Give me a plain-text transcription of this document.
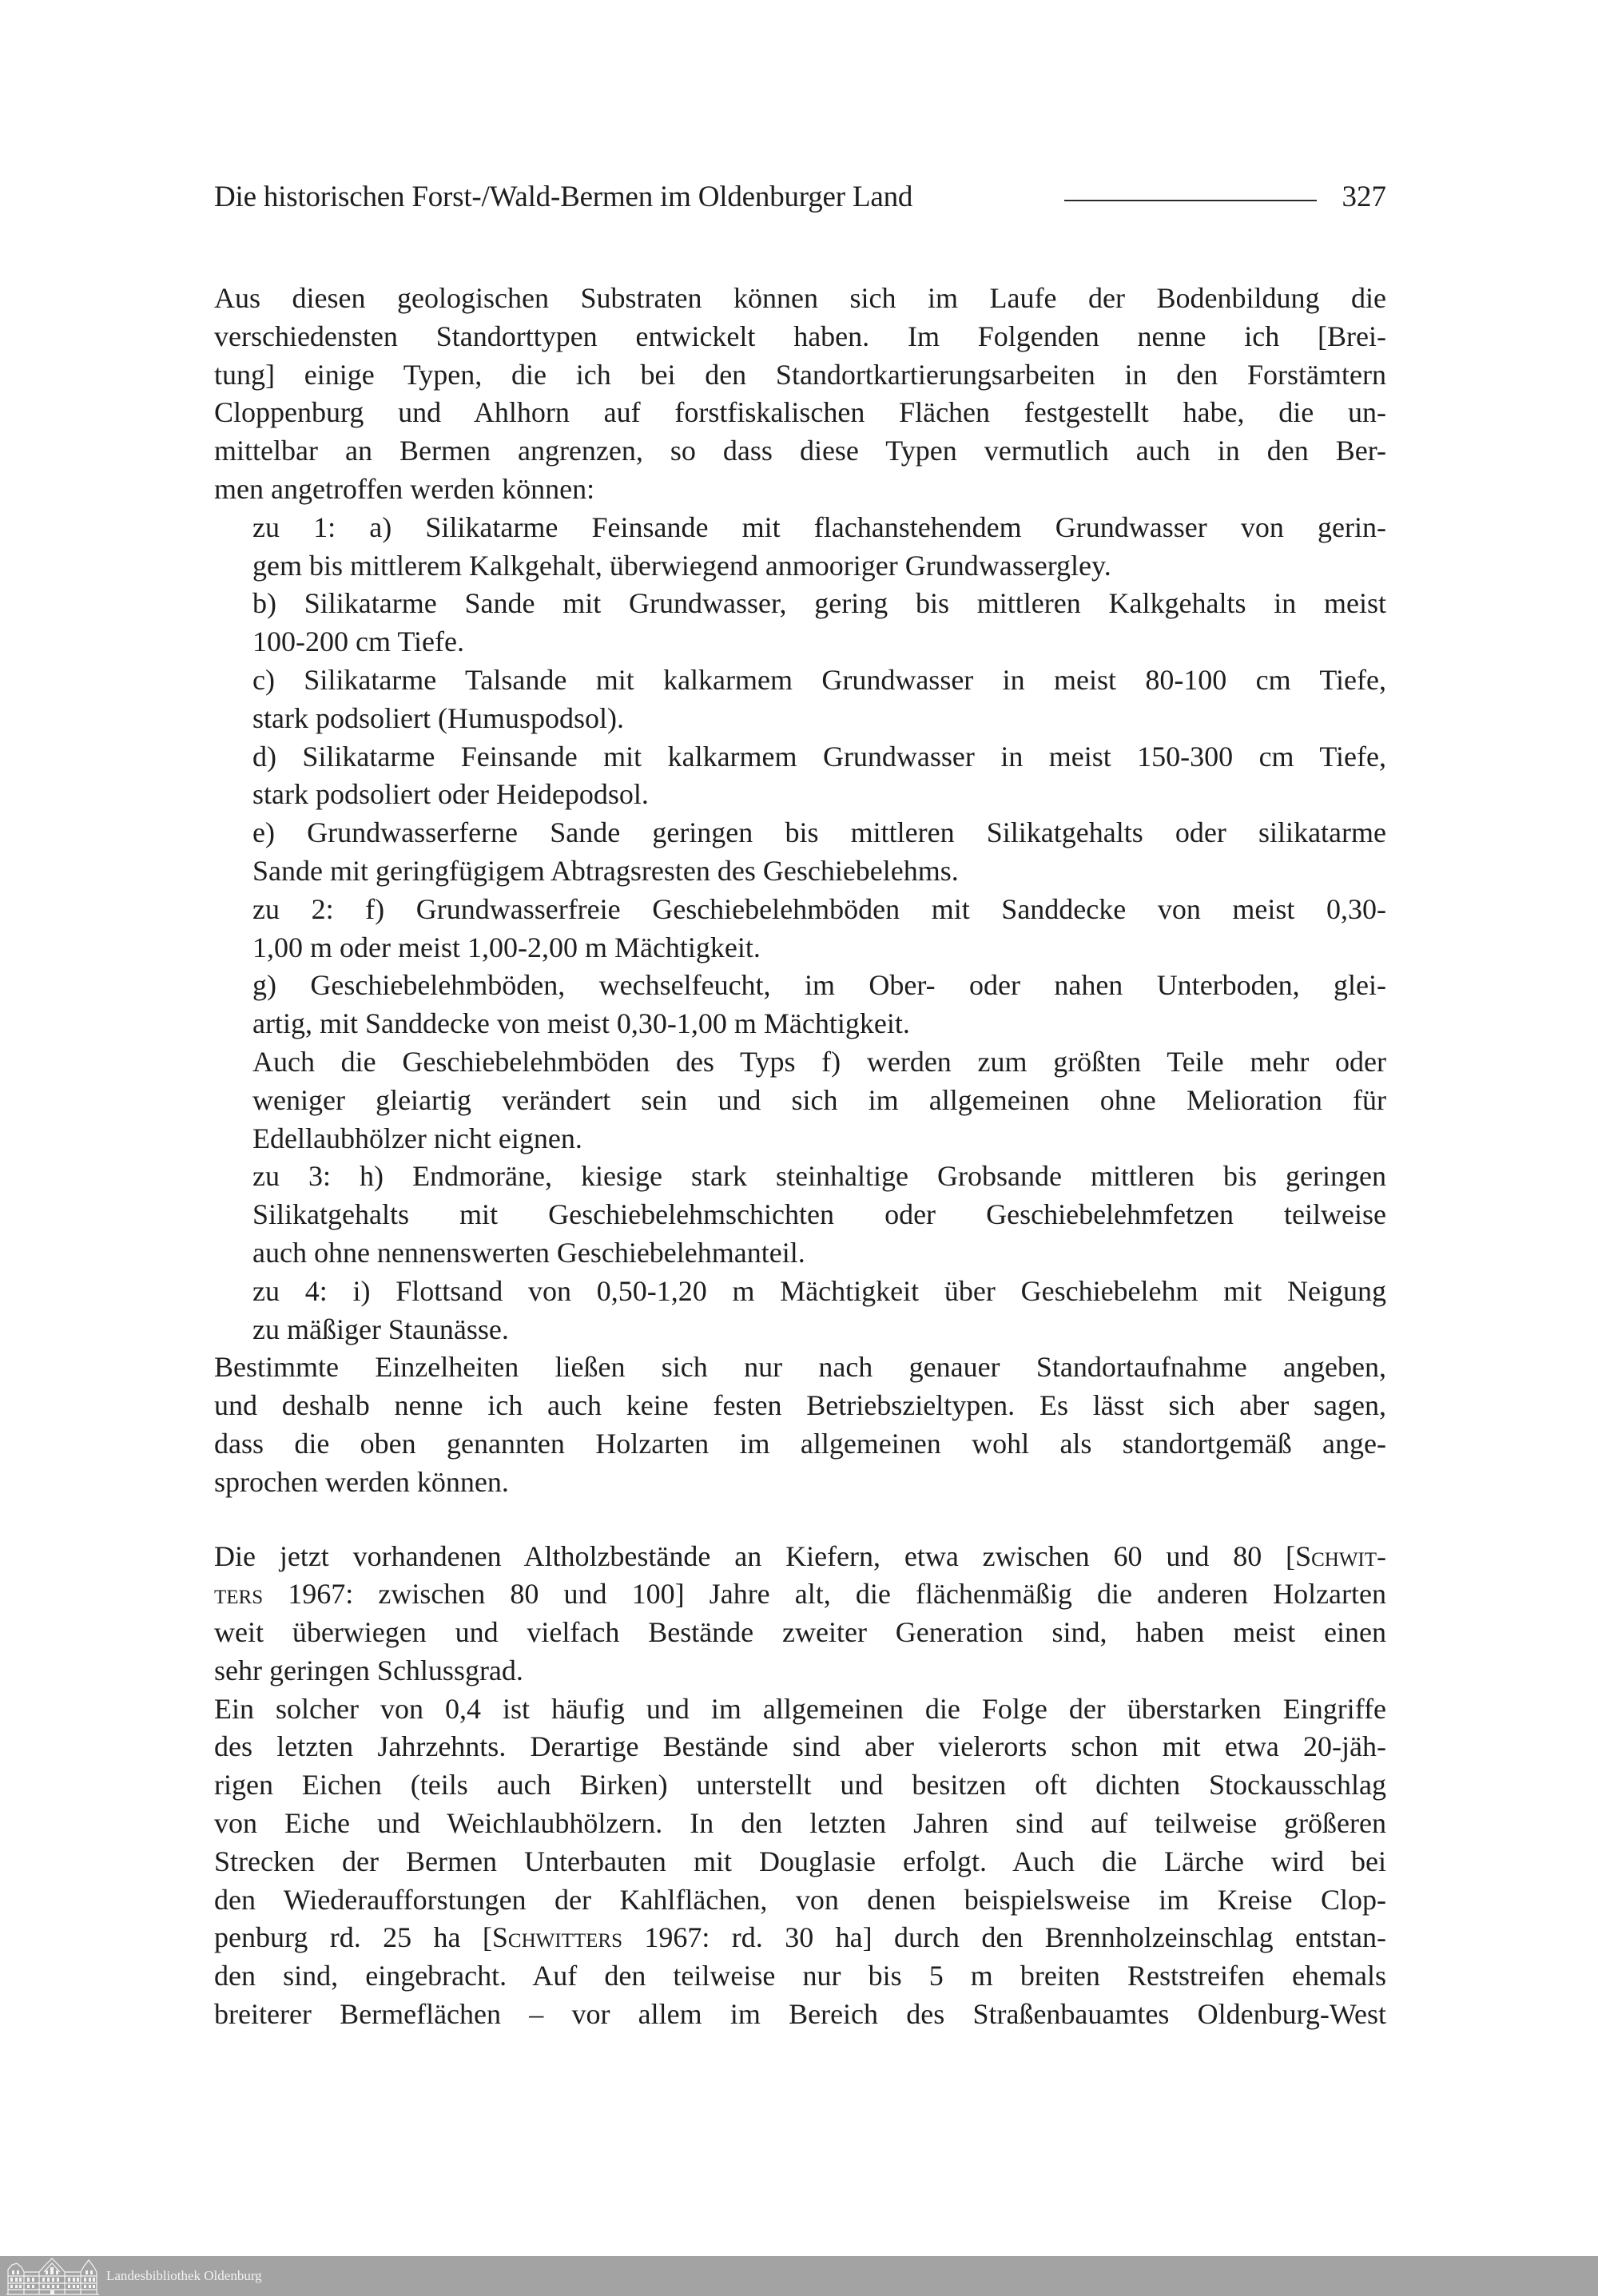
Die historischen Forst-/Wald-Bermen im Oldenburger Land	327
Aus diesen geologischen Substraten können sich im Laufe der Bodenbildung die
verschiedensten Standorttypen entwickelt haben. Im Folgenden nenne ich [Brei-
tung] einige Typen, die ich bei den Standortkartierungsarbeiten in den Forstämtern
Cloppenburg und Ahlhorn auf forstfiskalischen Flächen festgestellt habe, die un-
mittelbar an Bermen angrenzen, so dass diese Typen vermutlich auch in den Ber-
men angetroffen werden können:
zu 1: a) Silikatarme Feinsande mit flachanstehendem Grundwasser von gerin-
gem bis mittlerem Kalkgehalt, überwiegend anmooriger Grundwassergley.
b) Silikatarme Sande mit Grundwasser, gering bis mittleren Kalkgehalts in meist
100-200 cm Tiefe.
c) Silikatarme Talsande mit kalkarmem Grundwasser in meist 80-100 cm Tiefe,
stark podsoliert (Humuspodsol).
d) Silikatarme Feinsande mit kalkarmem Grundwasser in meist 150-300 cm Tiefe,
stark podsoliert oder Heidepodsol.
e) Grundwasserferne Sande geringen bis mittleren Silikatgehalts oder silikatarme
Sande mit geringfügigem Abtragsresten des Geschiebelehms.
zu 2: f) Grundwasserfreie Geschiebelehmböden mit Sanddecke von meist 0,30-
1,00 m oder meist 1,00-2,00 m Mächtigkeit.
g) Geschiebelehmböden, wechselfeucht, im Ober- oder nahen Unterboden, glei-
artig, mit Sanddecke von meist 0,30-1,00 m Mächtigkeit.
Auch die Geschiebelehmböden des Typs f) werden zum größten Teile mehr oder
weniger gleiartig verändert sein und sich im allgemeinen ohne Melioration für
Edellaubhölzer nicht eignen.
zu 3: h) Endmoräne, kiesige stark steinhaltige Grobsande mittleren bis geringen
Silikatgehalts mit Geschiebelehmschichten oder Geschiebelehmfetzen teilweise
auch ohne nennenswerten Geschiebelehmanteil.
zu 4: i) Flottsand von 0,50-1,20 m Mächtigkeit über Geschiebelehm mit Neigung
zu mäßiger Staunässe.
Bestimmte Einzelheiten ließen sich nur nach genauer Standortaufnahme angeben,
und deshalb nenne ich auch keine festen Betriebszieltypen. Es lässt sich aber sagen,
dass die oben genannten Holzarten im allgemeinen wohl als standortgemäß ange-
sprochen werden können.
Die jetzt vorhandenen Altholzbestände an Kiefern, etwa zwischen 60 und 80 [Schwit-
ters 1967: zwischen 80 und 100] Jahre alt, die flächenmäßig die anderen Holzarten
weit überwiegen und vielfach Bestände zweiter Generation sind, haben meist einen
sehr geringen Schlussgrad.
Ein solcher von 0,4 ist häufig und im allgemeinen die Folge der überstarken Eingriffe
des letzten Jahrzehnts. Derartige Bestände sind aber vielerorts schon mit etwa 20-jäh-
rigen Eichen (teils auch Birken) unterstellt und besitzen oft dichten Stockausschlag
von Eiche und Weichlaubhölzern. In den letzten Jahren sind auf teilweise größeren
Strecken der Bermen Unterbauten mit Douglasie erfolgt. Auch die Lärche wird bei
den Wiederaufforstungen der Kahlflächen, von denen beispielsweise im Kreise Clop-
penburg rd. 25 ha [Schwitters 1967: rd. 30 ha] durch den Brennholzeinschlag entstan-
den sind, eingebracht. Auf den teilweise nur bis 5 m breiten Reststreifen ehemals
breiterer Bermeflächen – vor allem im Bereich des Straßenbauamtes Oldenburg-West
Landesbibliothek Oldenburg
